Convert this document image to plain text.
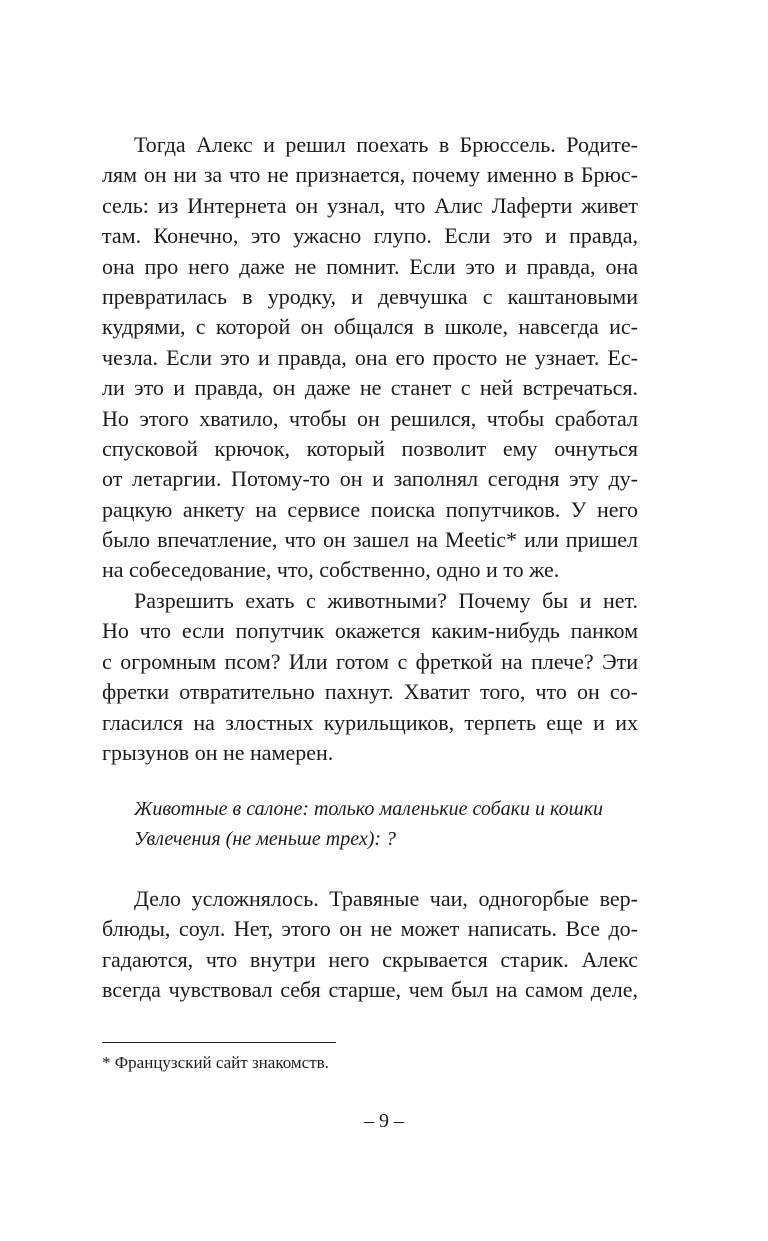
Тогда Алекс и решил поехать в Брюссель. Родите-
лям он ни за что не признается, почему именно в Брюс-
сель: из Интернета он узнал, что Алис Лаферти живет
там. Конечно, это ужасно глупо. Если это и правда,
она про него даже не помнит. Если это и правда, она
превратилась в уродку, и девчушка с каштановыми
кудрями, с которой он общался в школе, навсегда ис-
чезла. Если это и правда, она его просто не узнает. Ес-
ли это и правда, он даже не станет с ней встречаться.
Но этого хватило, чтобы он решился, чтобы сработал
спусковой крючок, который позволит ему очнуться
от летаргии. Потому-то он и заполнял сегодня эту ду-
рацкую анкету на сервисе поиска попутчиков. У него
было впечатление, что он зашел на Meetic* или пришел
на собеседование, что, собственно, одно и то же.
Разрешить ехать с животными? Почему бы и нет.
Но что если попутчик окажется каким-нибудь панком
с огромным псом? Или готом с фреткой на плече? Эти
фретки отвратительно пахнут. Хватит того, что он со-
гласился на злостных курильщиков, терпеть еще и их
грызунов он не намерен.
Животные в салоне: только маленькие собаки и кошки
Увлечения (не меньше трех): ?
Дело усложнялось. Травяные чаи, одногорбые вер-
блюды, соул. Нет, этого он не может написать. Все до-
гадаются, что внутри него скрывается старик. Алекс
всегда чувствовал себя старше, чем был на самом деле,
* Французский сайт знакомств.
– 9 –
